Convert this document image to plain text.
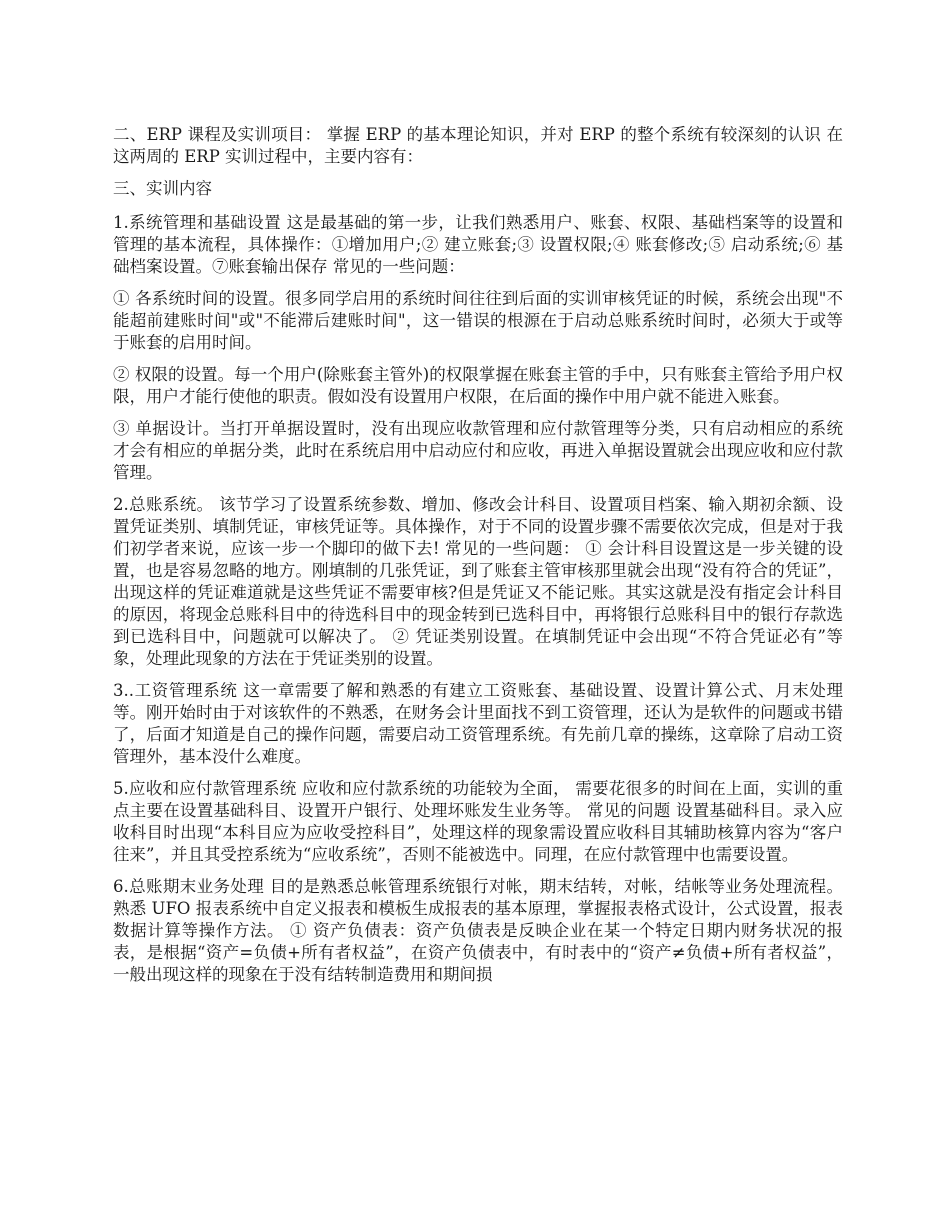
二、ERP 课程及实训项目： 掌握 ERP 的基本理论知识，并对 ERP 的整个系统有较深刻的认识 在这两周的 ERP 实训过程中，主要内容有：

三、实训内容

1.系统管理和基础设置 这是最基础的第一步，让我们熟悉用户、账套、权限、基础档案等的设置和管理的基本流程，具体操作：①增加用户;② 建立账套;③ 设置权限;④ 账套修改;⑤ 启动系统;⑥ 基础档案设置。⑦账套输出保存 常见的一些问题：

① 各系统时间的设置。很多同学启用的系统时间往往到后面的实训审核凭证的时候，系统会出现"不能超前建账时间"或"不能滞后建账时间"，这一错误的根源在于启动总账系统时间时，必须大于或等于账套的启用时间。

② 权限的设置。每一个用户(除账套主管外)的权限掌握在账套主管的手中，只有账套主管给予用户权限，用户才能行使他的职责。假如没有设置用户权限，在后面的操作中用户就不能进入账套。

③ 单据设计。当打开单据设置时，没有出现应收款管理和应付款管理等分类，只有启动相应的系统才会有相应的单据分类，此时在系统启用中启动应付和应收，再进入单据设置就会出现应收和应付款管理。

2.总账系统。 该节学习了设置系统参数、增加、修改会计科目、设置项目档案、输入期初余额、设置凭证类别、填制凭证，审核凭证等。具体操作，对于不同的设置步骤不需要依次完成，但是对于我们初学者来说，应该一步一个脚印的做下去! 常见的一些问题： ① 会计科目设置这是一步关键的设置，也是容易忽略的地方。刚填制的几张凭证，到了账套主管审核那里就会出现“没有符合的凭证”，出现这样的凭证难道就是这些凭证不需要审核?但是凭证又不能记账。其实这就是没有指定会计科目的原因，将现金总账科目中的待选科目中的现金转到已选科目中，再将银行总账科目中的银行存款选到已选科目中，问题就可以解决了。 ② 凭证类别设置。在填制凭证中会出现“不符合凭证必有”等象，处理此现象的方法在于凭证类别的设置。

3..工资管理系统 这一章需要了解和熟悉的有建立工资账套、基础设置、设置计算公式、月末处理等。刚开始时由于对该软件的不熟悉，在财务会计里面找不到工资管理，还认为是软件的问题或书错了，后面才知道是自己的操作问题，需要启动工资管理系统。有先前几章的操练，这章除了启动工资管理外，基本没什么难度。

5.应收和应付款管理系统 应收和应付款系统的功能较为全面， 需要花很多的时间在上面，实训的重点主要在设置基础科目、设置开户银行、处理坏账发生业务等。 常见的问题 设置基础科目。录入应收科目时出现“本科目应为应收受控科目”，处理这样的现象需设置应收科目其辅助核算内容为“客户往来”，并且其受控系统为“应收系统”，否则不能被选中。同理，在应付款管理中也需要设置。

6.总账期末业务处理 目的是熟悉总帐管理系统银行对帐，期末结转，对帐，结帐等业务处理流程。熟悉 UFO 报表系统中自定义报表和模板生成报表的基本原理，掌握报表格式设计，公式设置，报表数据计算等操作方法。 ① 资产负债表：资产负债表是反映企业在某一个特定日期内财务状况的报表，是根据“资产=负债+所有者权益”，在资产负债表中，有时表中的“资产≠负债+所有者权益”，一般出现这样的现象在于没有结转制造费用和期间损
